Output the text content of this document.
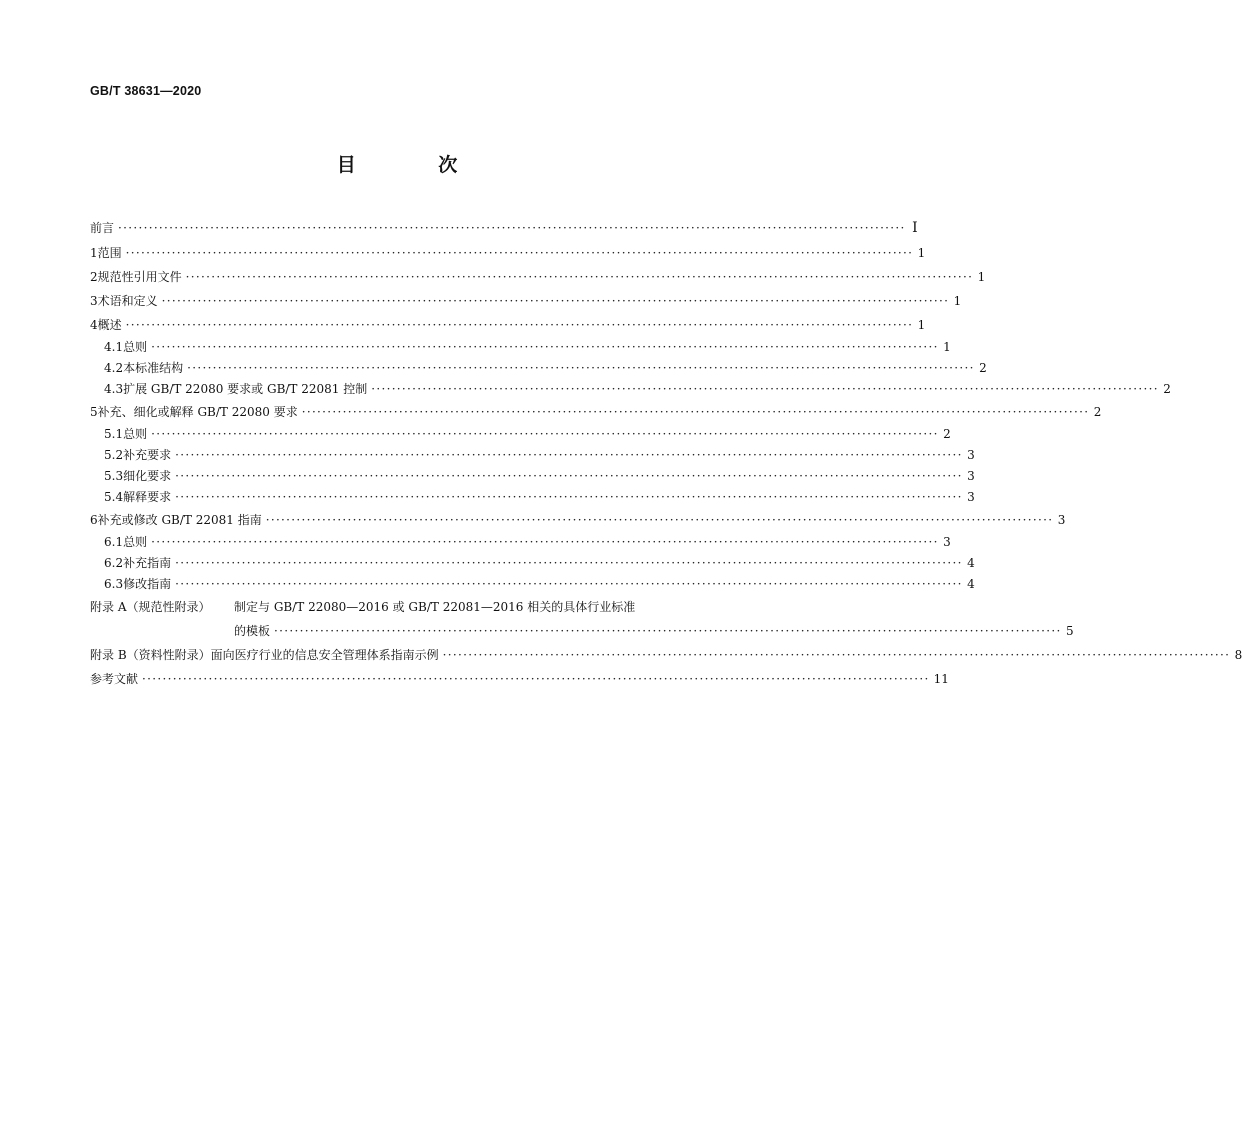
GB/T 38631—2020
目 次
前言 ·························································································································································· Ⅰ
1 范围 ·························································································································································· 1
2 规范性引用文件 ·························································································································································· 1
3 术语和定义 ·························································································································································· 1
4 概述 ·························································································································································· 1
4.1 总则 ·························································································································································· 1
4.2 本标准结构 ·························································································································································· 2
4.3 扩展 GB/T 22080 要求或 GB/T 22081 控制 ·························································································································································· 2
5 补充、细化或解释 GB/T 22080 要求 ·························································································································································· 2
5.1 总则 ·························································································································································· 2
5.2 补充要求 ·························································································································································· 3
5.3 细化要求 ·························································································································································· 3
5.4 解释要求 ·························································································································································· 3
6 补充或修改 GB/T 22081 指南 ·························································································································································· 3
6.1 总则 ·························································································································································· 3
6.2 补充指南 ·························································································································································· 4
6.3 修改指南 ·························································································································································· 4
附录 A（规范性附录）	制定与 GB/T 22080—2016 或 GB/T 22081—2016 相关的具体行业标准
的模板 ·························································································································································· 5
附录 B（资料性附录） 面向医疗行业的信息安全管理体系指南示例 ·························································································································································· 8
参考文献 ·························································································································································· 11
